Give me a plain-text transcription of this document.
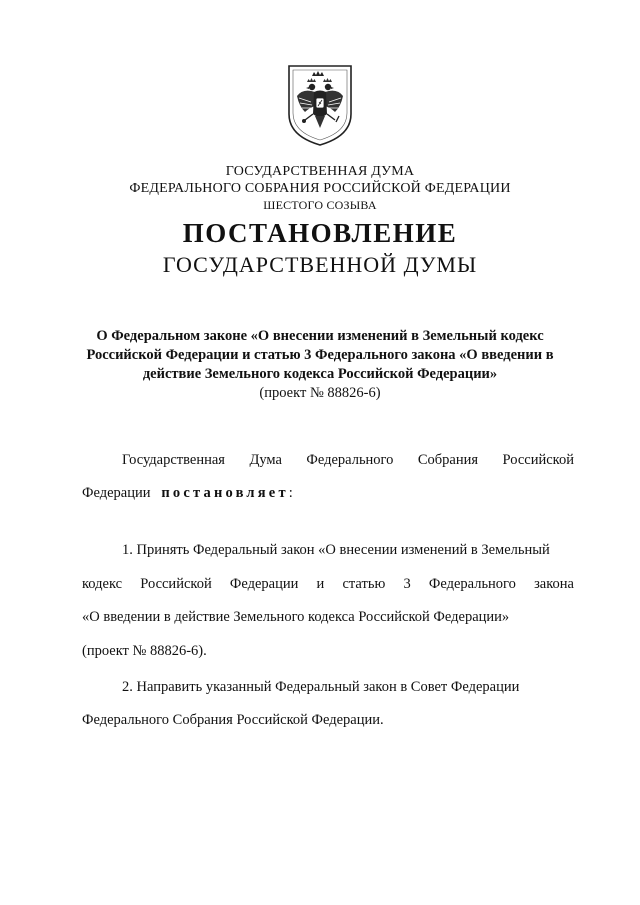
ГОСУДАРСТВЕННАЯ ДУМА
ФЕДЕРАЛЬНОГО СОБРАНИЯ РОССИЙСКОЙ ФЕДЕРАЦИИ
ШЕСТОГО СОЗЫВА
ПОСТАНОВЛЕНИЕ
ГОСУДАРСТВЕННОЙ ДУМЫ
О Федеральном законе «О внесении изменений в Земельный кодекс
Российской Федерации и статью 3 Федерального закона «О введении в
действие Земельного кодекса Российской Федерации»
(проект № 88826-6)
Государственная Дума Федерального Собрания Российской
Федерации постановляет:
1. Принять Федеральный закон «О внесении изменений в Земельный
кодекс Российской Федерации и статью 3 Федерального закона
«О введении в действие Земельного кодекса Российской Федерации»
(проект № 88826-6).
2. Направить указанный Федеральный закон в Совет Федерации
Федерального Собрания Российской Федерации.
